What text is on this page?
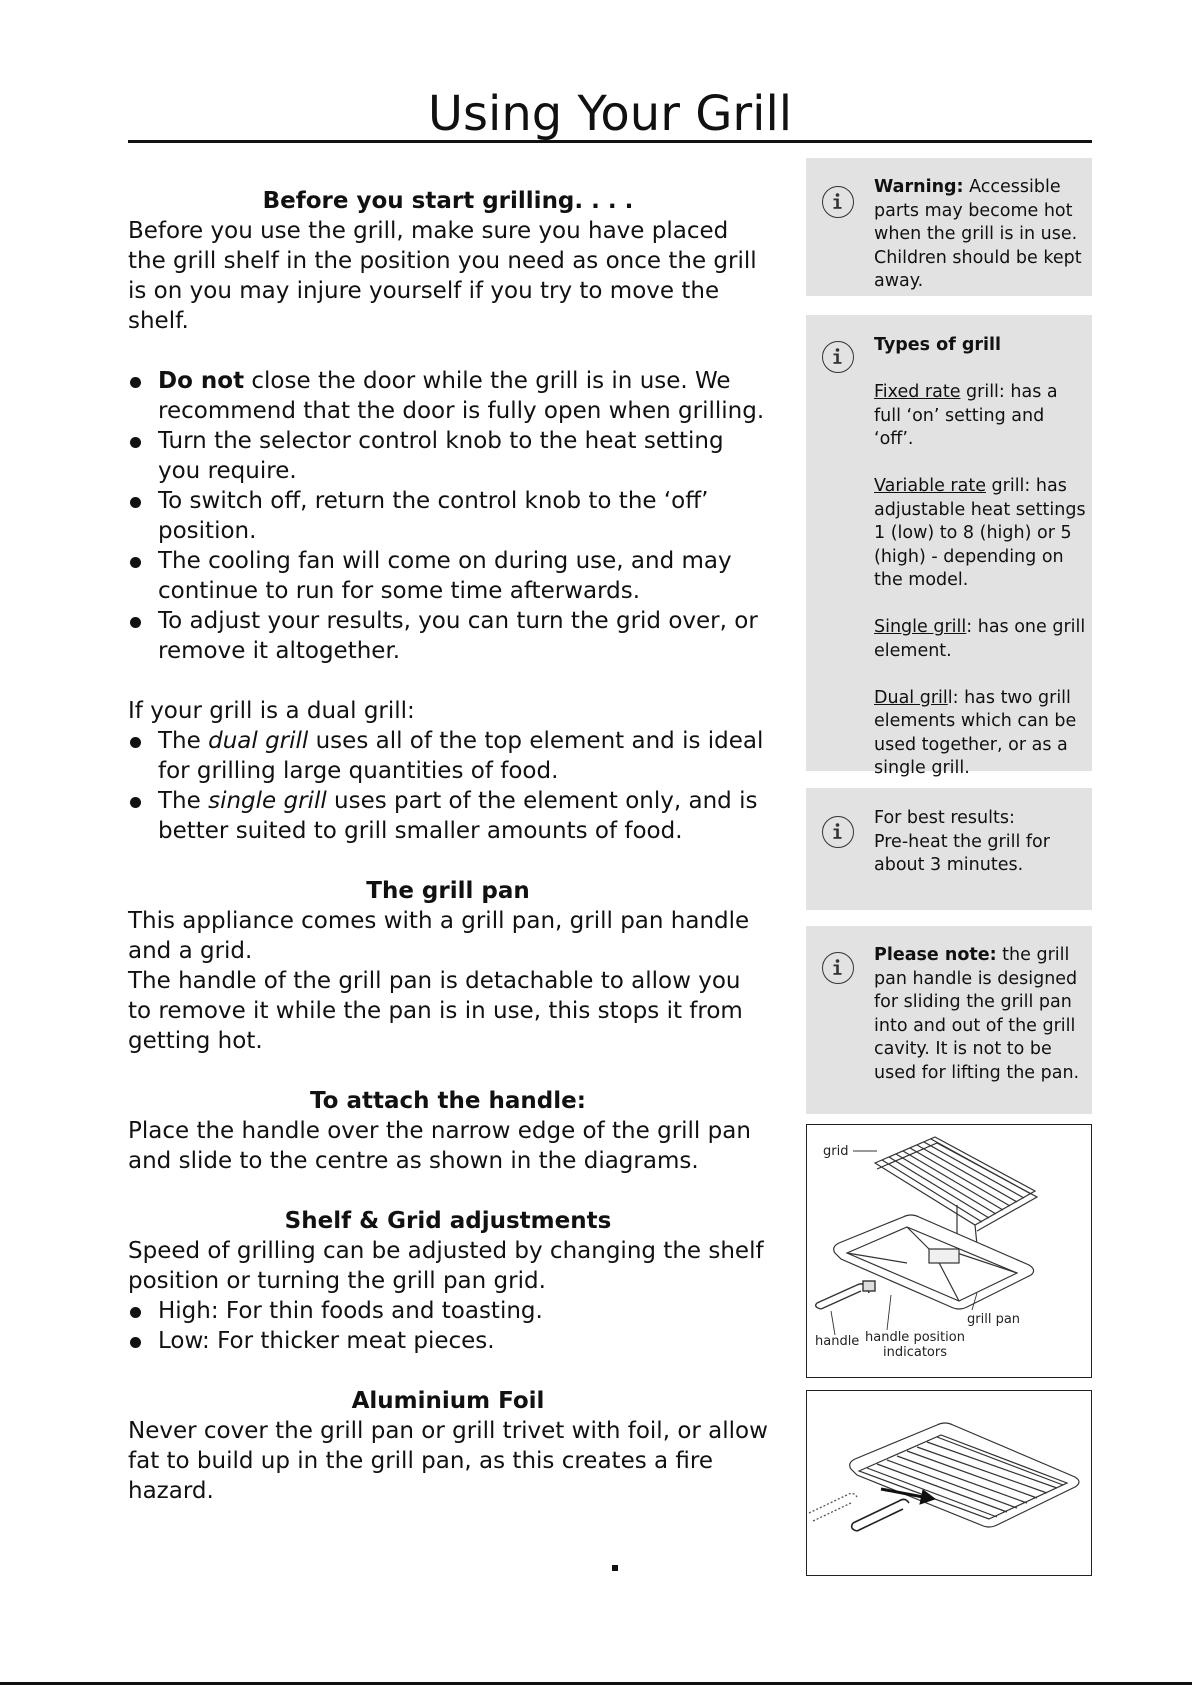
Using Your Grill
Before you start grilling. . . .

Before you use the grill, make sure you have placed the grill shelf in the position you need as once the grill is on you may injure yourself if you try to move the shelf.

Do not close the door while the grill is in use. We recommend that the door is fully open when grilling.
Turn the selector control knob to the heat setting you require.
To switch off, return the control knob to the ‘off’ position.
The cooling fan will come on during use, and may continue to run for some time afterwards.
To adjust your results, you can turn the grid over, or remove it altogether.

If your grill is a dual grill:

The dual grill uses all of the top element and is ideal for grilling large quantities of food.
The single grill uses part of the element only, and is better suited to grill smaller amounts of food.
The grill pan

This appliance comes with a grill pan, grill pan handle and a grid.

The handle of the grill pan is detachable to allow you to remove it while the pan is in use, this stops it from getting hot.

To attach the handle:

Place the handle over the narrow edge of the grill pan and slide to the centre as shown in the diagrams.

Shelf & Grid adjustments

Speed of grilling can be adjusted by changing the shelf position or turning the grill pan grid.

High: For thin foods and toasting.
Low: For thicker meat pieces.
Aluminium Foil

Never cover the grill pan or grill trivet with foil, or allow fat to build up in the grill pan, as this creates a fire hazard.

Warning: Accessible parts may become hot when the grill is in use. Children should be kept away.

Types of grill

Fixed rate grill: has a full ‘on’ setting and ‘off’.

Variable rate grill: has adjustable heat settings 1 (low) to 8 (high) or 5 (high) - depending on the model.

Single grill: has one grill element.

Dual grill: has two grill elements which can be used together, or as a single grill.

For best results:

Pre-heat the grill for about 3 minutes.

Please note: the grill pan handle is designed for sliding the grill pan into and out of the grill cavity. It is not to be used for lifting the pan.
grid
grill pan
handle handle position
indicators
